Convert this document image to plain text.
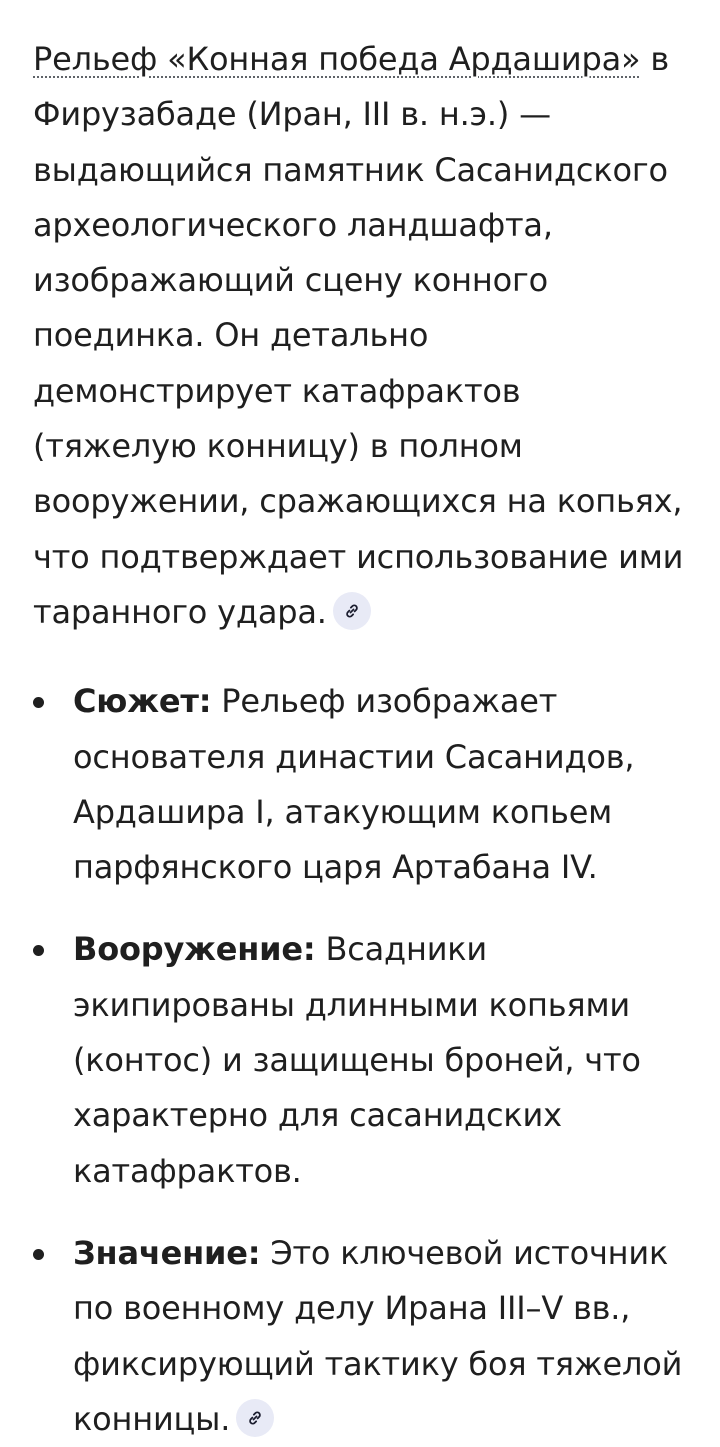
Рельеф «Конная победа Ардашира» в Фирузабаде (Иран, III в. н.э.) — выдающийся памятник Сасанидского археологического ландшафта, изображающий сцену конного поединка. Он детально демонстрирует катафрактов (тяжелую конницу) в полном вооружении, сражающихся на копьях, что подтверждает использование ими таранного удара.

Сюжет: Рельеф изображает основателя династии Сасанидов, Ардашира I, атакующим копьем парфянского царя Артабана IV.
Вооружение: Всадники экипированы длинными копьями (контос) и защищены броней, что характерно для сасанидских катафрактов.
Значение: Это ключевой источник по военному делу Ирана III–V вв., фиксирующий тактику боя тяжелой конницы.
